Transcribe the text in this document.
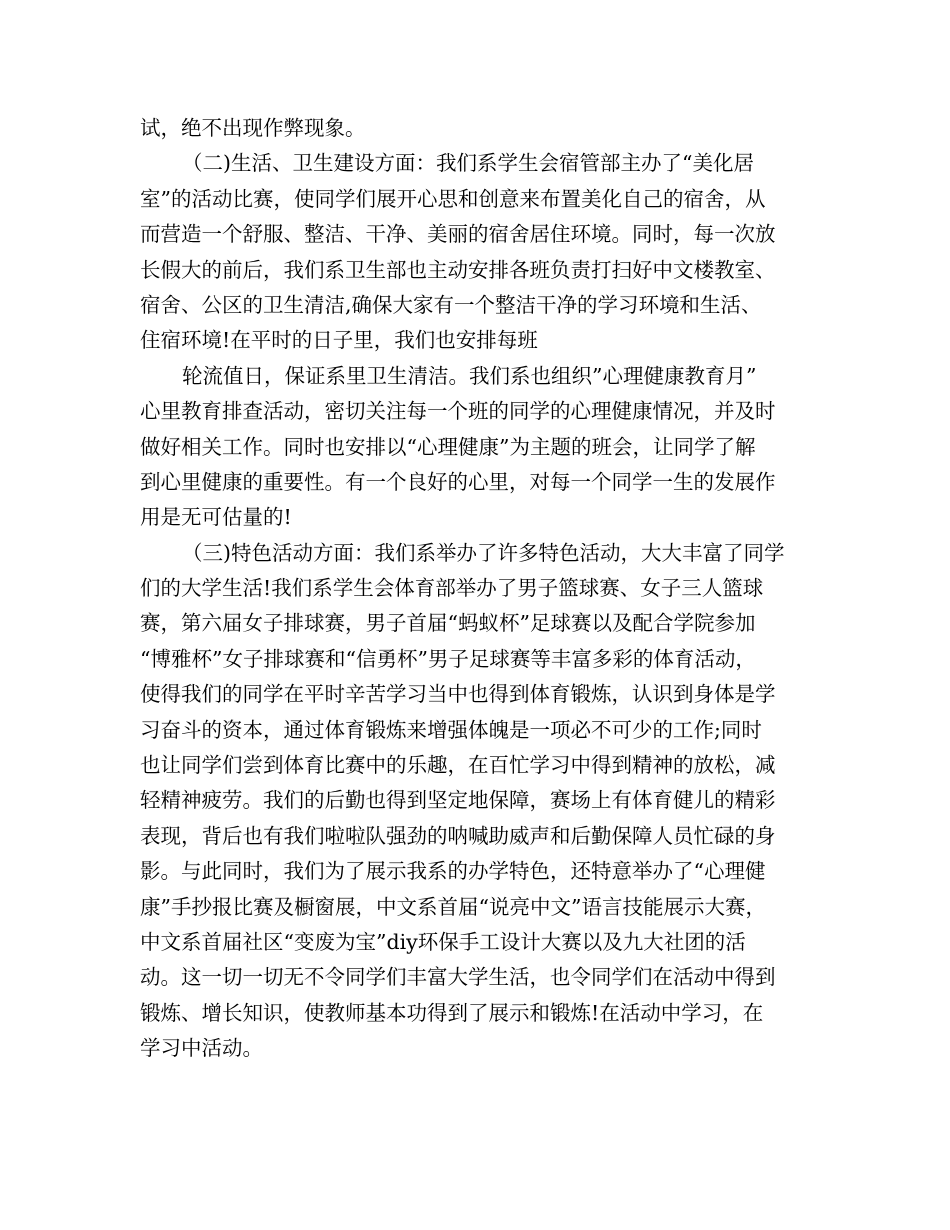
试，绝不出现作弊现象。
（二)生活、卫生建设方面：我们系学生会宿管部主办了“美化居
室”的活动比赛，使同学们展开心思和创意来布置美化自己的宿舍，从
而营造一个舒服、整洁、干净、美丽的宿舍居住环境。同时，每一次放
长假大的前后，我们系卫生部也主动安排各班负责打扫好中文楼教室、
宿舍、公区的卫生清洁,确保大家有一个整洁干净的学习环境和生活、
住宿环境!在平时的日子里，我们也安排每班
轮流值日，保证系里卫生清洁。我们系也组织”心理健康教育月”
心里教育排查活动，密切关注每一个班的同学的心理健康情况，并及时
做好相关工作。同时也安排以“心理健康”为主题的班会，让同学了解
到心里健康的重要性。有一个良好的心里，对每一个同学一生的发展作
用是无可估量的!
（三)特色活动方面：我们系举办了许多特色活动，大大丰富了同学
们的大学生活!我们系学生会体育部举办了男子篮球赛、女子三人篮球
赛，第六届女子排球赛，男子首届“蚂蚁杯”足球赛以及配合学院参加
“博雅杯”女子排球赛和“信勇杯”男子足球赛等丰富多彩的体育活动，
使得我们的同学在平时辛苦学习当中也得到体育锻炼，认识到身体是学
习奋斗的资本，通过体育锻炼来增强体魄是一项必不可少的工作;同时
也让同学们尝到体育比赛中的乐趣，在百忙学习中得到精神的放松，减
轻精神疲劳。我们的后勤也得到坚定地保障，赛场上有体育健儿的精彩
表现，背后也有我们啦啦队强劲的呐喊助威声和后勤保障人员忙碌的身
影。与此同时，我们为了展示我系的办学特色，还特意举办了“心理健
康”手抄报比赛及橱窗展，中文系首届“说亮中文”语言技能展示大赛，
中文系首届社区“变废为宝”diy环保手工设计大赛以及九大社团的活
动。这一切一切无不令同学们丰富大学生活，也令同学们在活动中得到
锻炼、增长知识，使教师基本功得到了展示和锻炼!在活动中学习，在
学习中活动。
